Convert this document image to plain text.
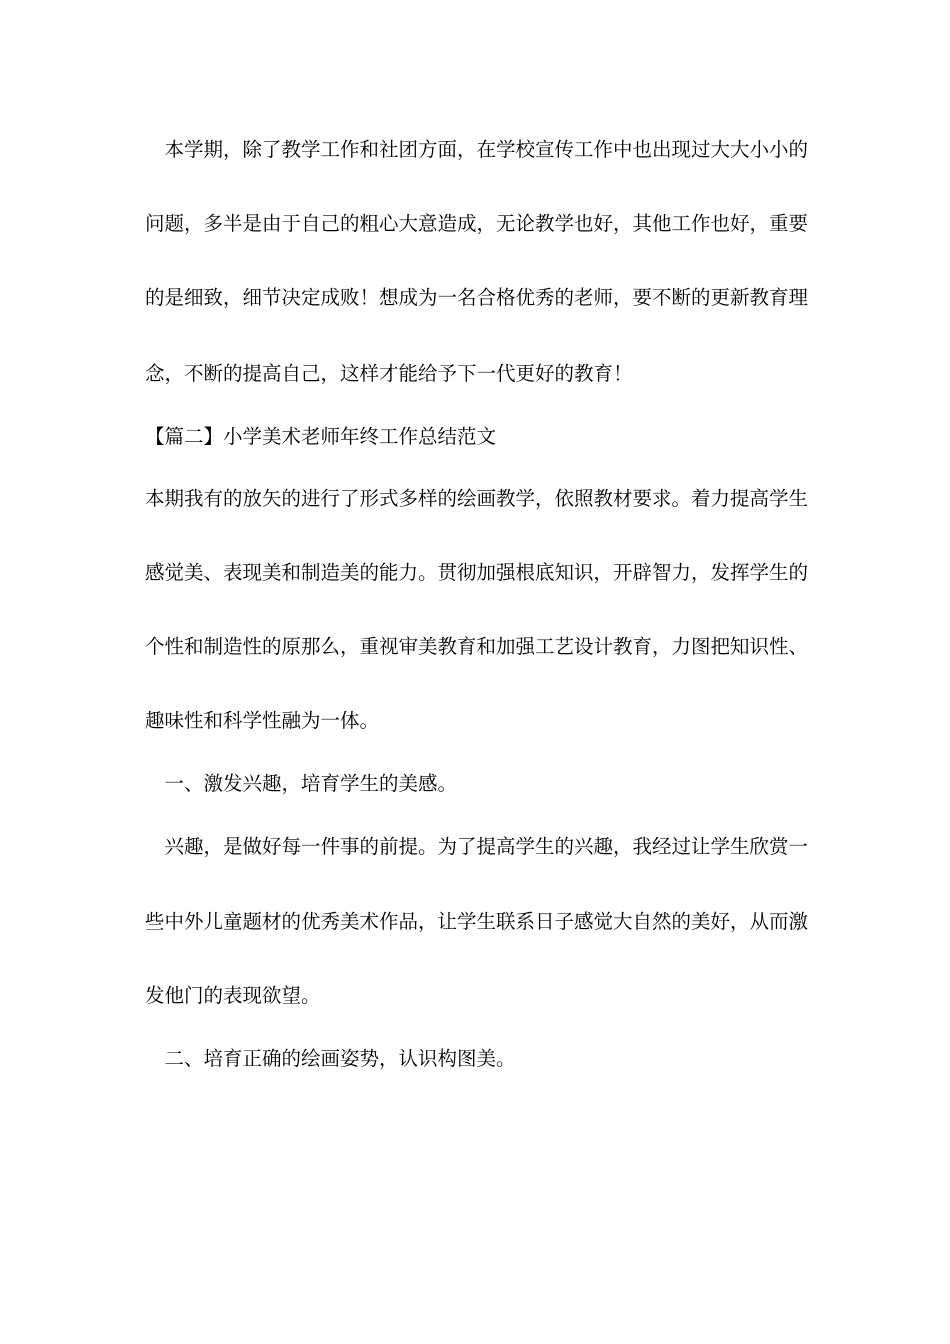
　本学期，除了教学工作和社团方面，在学校宣传工作中也出现过大大小小的
问题，多半是由于自己的粗心大意造成，无论教学也好，其他工作也好，重要
的是细致，细节决定成败！想成为一名合格优秀的老师，要不断的更新教育理
念，不断的提高自己，这样才能给予下一代更好的教育！
【篇二】小学美术老师年终工作总结范文
本期我有的放矢的进行了形式多样的绘画教学，依照教材要求。着力提高学生
感觉美、表现美和制造美的能力。贯彻加强根底知识，开辟智力，发挥学生的
个性和制造性的原那么，重视审美教育和加强工艺设计教育，力图把知识性、
趣味性和科学性融为一体。
　一、激发兴趣，培育学生的美感。
　兴趣，是做好每一件事的前提。为了提高学生的兴趣，我经过让学生欣赏一
些中外儿童题材的优秀美术作品，让学生联系日子感觉大自然的美好，从而激
发他门的表现欲望。
　二、培育正确的绘画姿势，认识构图美。
